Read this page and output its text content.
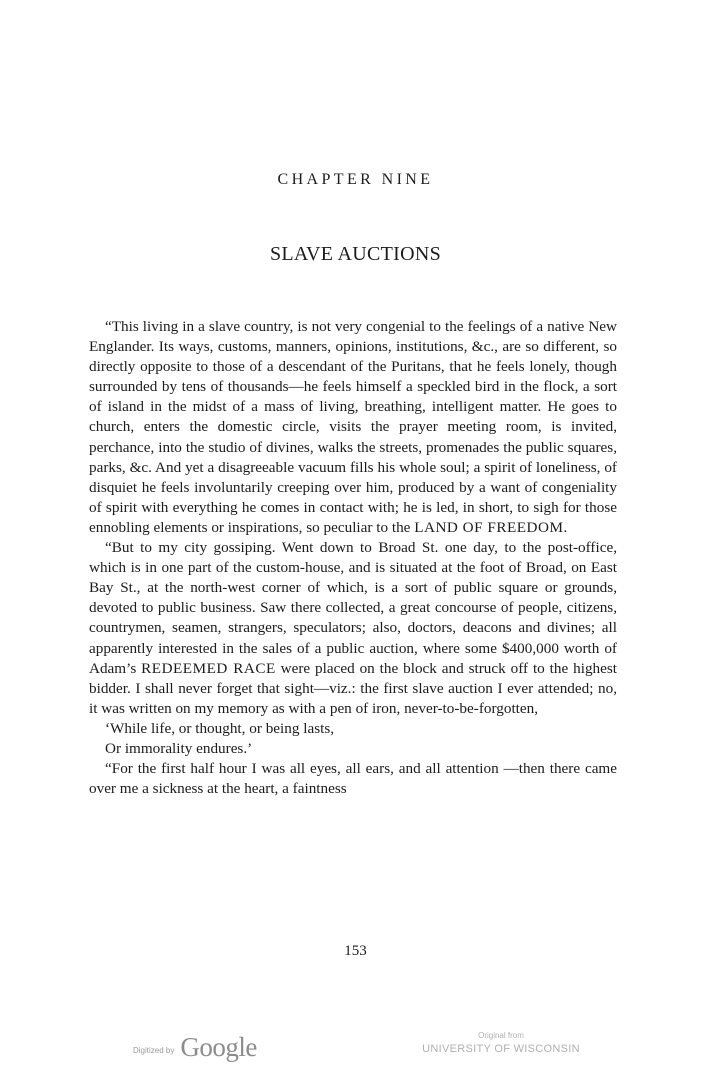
CHAPTER NINE
SLAVE AUCTIONS

“This living in a slave country, is not very congenial to the feelings of a native New Englander. Its ways, customs, manners, opinions, institutions, &c., are so different, so directly opposite to those of a descendant of the Puritans, that he feels lonely, though surrounded by tens of thousands—he feels himself a speckled bird in the flock, a sort of island in the midst of a mass of living, breathing, intelligent matter. He goes to church, enters the domestic circle, visits the prayer meeting room, is invited, perchance, into the studio of divines, walks the streets, promenades the public squares, parks, &c. And yet a disagreeable vacuum fills his whole soul; a spirit of loneliness, of disquiet he feels involuntarily creeping over him, produced by a want of congeniality of spirit with everything he comes in contact with; he is led, in short, to sigh for those ennobling elements or inspirations, so peculiar to the LAND OF FREEDOM.

“But to my city gossiping. Went down to Broad St. one day, to the post-office, which is in one part of the custom-house, and is situated at the foot of Broad, on East Bay St., at the north-west corner of which, is a sort of public square or grounds, devoted to public business. Saw there collected, a great concourse of people, citizens, countrymen, seamen, strangers, speculators; also, doctors, deacons and divines; all apparently interested in the sales of a public auction, where some $400,000 worth of Adam’s REDEEMED RACE were placed on the block and struck off to the highest bidder. I shall never forget that sight—viz.: the first slave auction I ever attended; no, it was written on my memory as with a pen of iron, never-to-be-forgotten,

‘While life, or thought, or being lasts,
Or immorality endures.’

“For the first half hour I was all eyes, all ears, and all attention —then there came over me a sickness at the heart, a faintness

153
Digitized by Google	Original from
UNIVERSITY OF WISCONSIN
